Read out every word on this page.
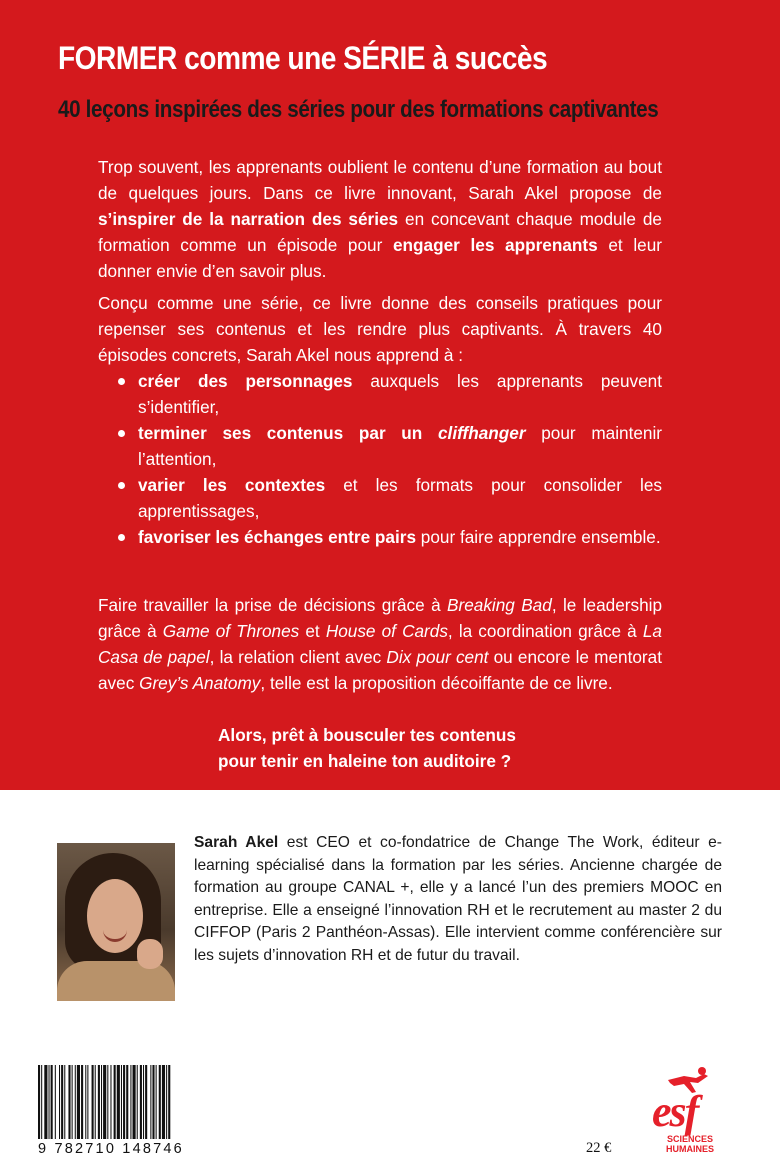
FORMER comme une SÉRIE à succès
40 leçons inspirées des séries pour des formations captivantes

Trop souvent, les apprenants oublient le contenu d’une formation au bout de quelques jours. Dans ce livre innovant, Sarah Akel propose de s’inspirer de la narration des séries en concevant chaque module de formation comme un épisode pour engager les apprenants et leur donner envie d’en savoir plus.

Conçu comme une série, ce livre donne des conseils pratiques pour repenser ses contenus et les rendre plus captivants. À travers 40 épisodes concrets, Sarah Akel nous apprend à :

créer des personnages auxquels les apprenants peuvent s’identifier,
terminer ses contenus par un cliffhanger pour maintenir l’attention,
varier les contextes et les formats pour consolider les apprentissages,
favoriser les échanges entre pairs pour faire apprendre ensemble.

Faire travailler la prise de décisions grâce à Breaking Bad, le leadership grâce à Game of Thrones et House of Cards, la coordination grâce à La Casa de papel, la relation client avec Dix pour cent ou encore le mentorat avec Grey’s Anatomy, telle est la proposition décoiffante de ce livre.

Alors, prêt à bousculer tes contenus
pour tenir en haleine ton auditoire ?

Sarah Akel est CEO et co-fondatrice de Change The Work, éditeur e-learning spécialisé dans la formation par les séries. Ancienne chargée de formation au groupe CANAL +, elle y a lancé l’un des premiers MOOC en entreprise. Elle a enseigné l’innovation RH et le recrutement au master 2 du CIFFOP (Paris 2 Panthéon-Assas). Elle intervient comme conférencière sur les sujets d’innovation RH et de futur du travail.

9 782710 148746	22 €
esf
SCIENCES
HUMAINES
